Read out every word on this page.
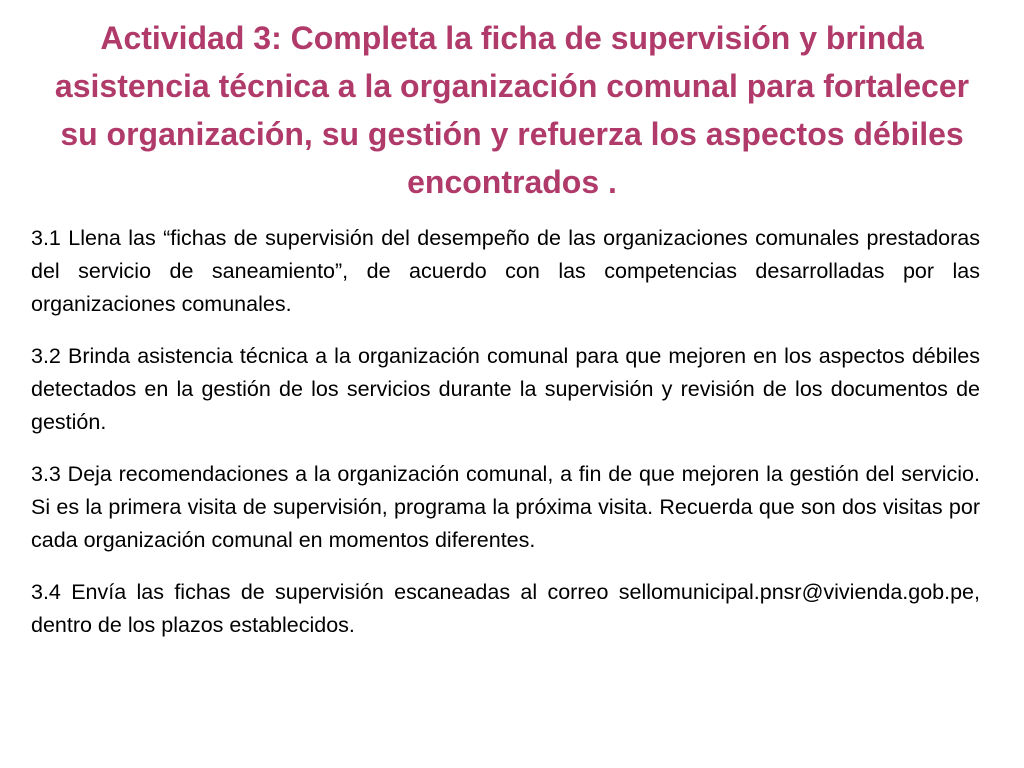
Actividad 3: Completa la ficha de supervisión y brinda asistencia técnica a la organización comunal para fortalecer su organización, su gestión y refuerza los aspectos débiles encontrados .

3.1 Llena las “fichas de supervisión del desempeño de las organizaciones comunales prestadoras del servicio de saneamiento”, de acuerdo con las competencias desarrolladas por las organizaciones comunales.

3.2 Brinda asistencia técnica a la organización comunal para que mejoren en los aspectos débiles detectados en la gestión de los servicios durante la supervisión y revisión de los documentos de gestión.

3.3 Deja recomendaciones a la organización comunal, a fin de que mejoren la gestión del servicio. Si es la primera visita de supervisión, programa la próxima visita. Recuerda que son dos visitas por cada organización comunal en momentos diferentes.

3.4 Envía las fichas de supervisión escaneadas al correo sellomunicipal.pnsr@vivienda.gob.pe, dentro de los plazos establecidos.
